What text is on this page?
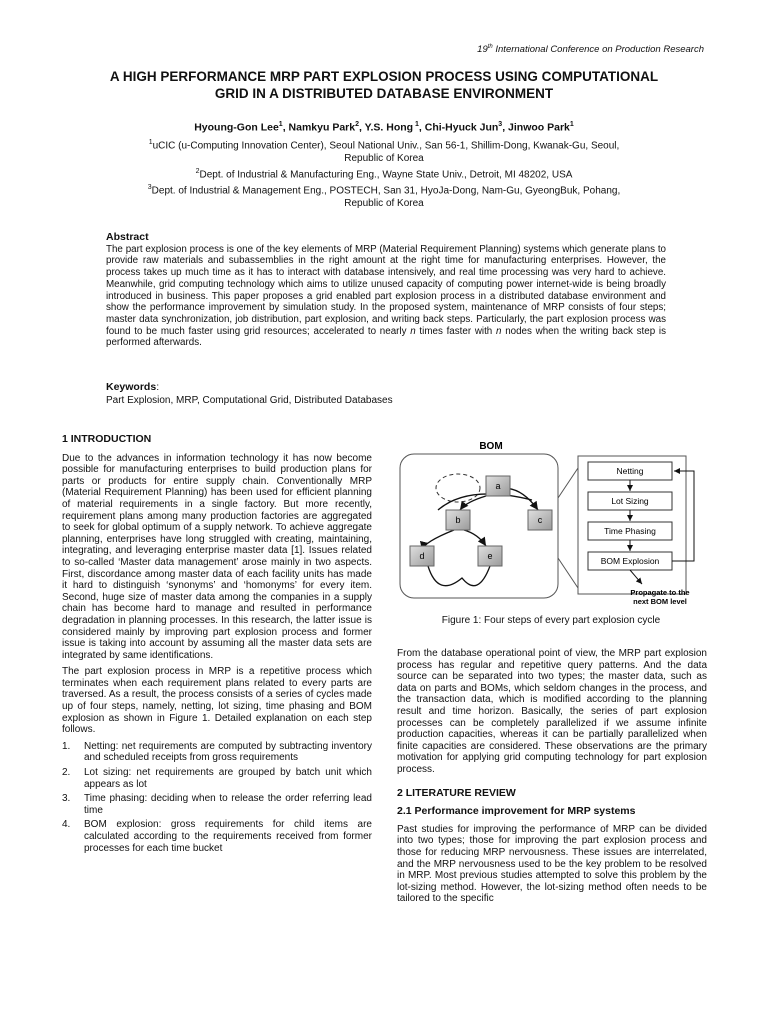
19th International Conference on Production Research
A HIGH PERFORMANCE MRP PART EXPLOSION PROCESS USING COMPUTATIONAL
GRID IN A DISTRIBUTED DATABASE ENVIRONMENT
Hyoung-Gon Lee$^1$, Namkyu Park$^2$, Y.S. Hong $^1$, Chi-Hyuck Jun$^3$, Jinwoo Park$^1$
$^1$uCIC (u-Computing Innovation Center), Seoul National Univ., San 56-1, Shillim-Dong, Kwanak-Gu, Seoul,
Republic of Korea
$^2$Dept. of Industrial & Manufacturing Eng., Wayne State Univ., Detroit, MI 48202, USA
$^3$Dept. of Industrial & Management Eng., POSTECH, San 31, HyoJa-Dong, Nam-Gu, GyeongBuk, Pohang,
Republic of Korea
Abstract

The part explosion process is one of the key elements of MRP (Material Requirement Planning) systems which generate plans to provide raw materials and subassemblies in the right amount at the right time for manufacturing enterprises. However, the process takes up much time as it has to interact with database intensively, and real time processing was very hard to achieve. Meanwhile, grid computing technology which aims to utilize unused capacity of computing power internet-wide is being broadly introduced in business. This paper proposes a grid enabled part explosion process in a distributed database environment and show the performance improvement by simulation study. In the proposed system, maintenance of MRP consists of four steps; master data synchronization, job distribution, part explosion, and writing back steps. Particularly, the part explosion process was found to be much faster using grid resources; accelerated to nearly n times faster with n nodes when the writing back step is performed afterwards.

Keywords:

Part Explosion, MRP, Computational Grid, Distributed Databases

1 INTRODUCTION

Due to the advances in information technology it has now become possible for manufacturing enterprises to build production plans for parts or products for entire supply chain. Conventionally MRP (Material Requirement Planning) has been used for efficient planning of material requirements in a single factory. But more recently, requirement plans among many production factories are aggregated to seek for global optimum of a supply network. To achieve aggregate planning, enterprises have long struggled with creating, maintaining, integrating, and leveraging enterprise master data [1]. Issues related to so-called ‘Master data management’ arose mainly in two aspects. First, discordance among master data of each facility units has made it hard to distinguish ‘synonyms’ and ‘homonyms’ for every item. Second, huge size of master data among the companies in a supply chain has become hard to manage and resulted in performance degradation in planning processes. In this research, the latter issue is considered mainly by improving part explosion process and former issue is taking into account by assuming all the master data sets are integrated by same identifications.

The part explosion process in MRP is a repetitive process which terminates when each requirement plans related to every parts are traversed. As a result, the process consists of a series of cycles made up of four steps, namely, netting, lot sizing, time phasing and BOM explosion as shown in Figure 1. Detailed explanation on each step follows.

1.	Netting: net requirements are computed by subtracting inventory and scheduled receipts from gross requirements
2.	Lot sizing: net requirements are grouped by batch unit which appears as lot
3.	Time phasing: deciding when to release the order referring lead time
4.	BOM explosion: gross requirements for child items are calculated according to the requirements received from former processes for each time bucket
BOM
a
b	c
d	e
Netting
Lot Sizing
Time Phasing
BOM Explosion
Propagate to the
next BOM level
Figure 1: Four steps of every part explosion cycle

From the database operational point of view, the MRP part explosion process has regular and repetitive query patterns. And the data source can be separated into two types; the master data, such as data on parts and BOMs, which seldom changes in the process, and the transaction data, which is modified according to the planning result and time horizon. Basically, the series of part explosion processes can be completely parallelized if we assume infinite production capacities, whereas it can be partially parallelized when finite capacities are considered. These observations are the primary motivation for applying grid computing technology for part explosion process.

2 LITERATURE REVIEW
2.1 Performance improvement for MRP systems

Past studies for improving the performance of MRP can be divided into two types; those for improving the part explosion process and those for reducing MRP nervousness. These issues are interrelated, and the MRP nervousness used to be the key problem to be resolved in MRP. Most previous studies attempted to solve this problem by the lot-sizing method. However, the lot-sizing method often needs to be tailored to the specific
